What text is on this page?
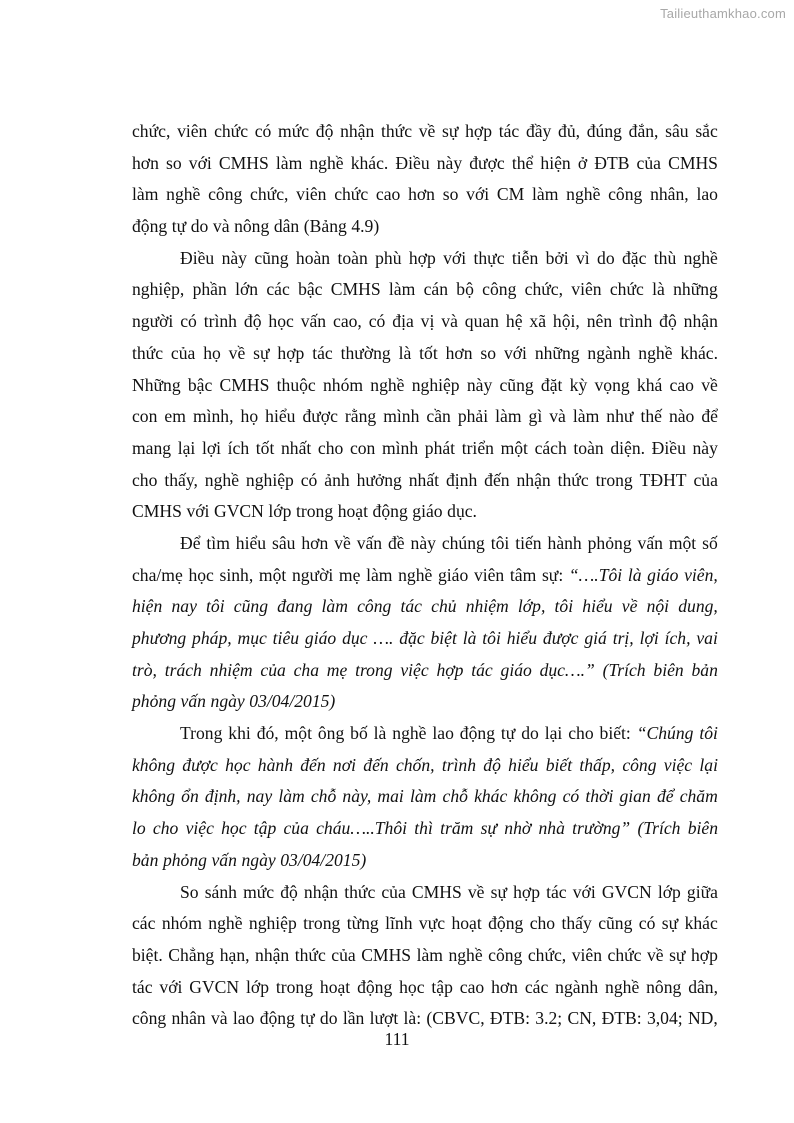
Tailieuthamkhao.com
chức, viên chức có mức độ nhận thức về sự hợp tác đầy đủ, đúng đắn, sâu sắc
hơn so với CMHS làm nghề khác. Điều này được thể hiện ở ĐTB của CMHS
làm nghề công chức, viên chức cao hơn so với CM làm nghề công nhân, lao
động tự do và nông dân (Bảng 4.9)
Điều này cũng hoàn toàn phù hợp với thực tiễn bởi vì do đặc thù nghề
nghiệp, phần lớn các bậc CMHS làm cán bộ công chức, viên chức là những
người có trình độ học vấn cao, có địa vị và quan hệ xã hội, nên trình độ nhận
thức của họ về sự hợp tác thường là tốt hơn so với những ngành nghề khác.
Những bậc CMHS thuộc nhóm nghề nghiệp này cũng đặt kỳ vọng khá cao về
con em mình, họ hiểu được rằng mình cần phải làm gì và làm như thế nào để
mang lại lợi ích tốt nhất cho con mình phát triển một cách toàn diện. Điều này
cho thấy, nghề nghiệp có ảnh hưởng nhất định đến nhận thức trong TĐHT của
CMHS với GVCN lớp trong hoạt động giáo dục.
Để tìm hiểu sâu hơn về vấn đề này chúng tôi tiến hành phỏng vấn một số
cha/mẹ học sinh, một người mẹ làm nghề giáo viên tâm sự: “….Tôi là giáo viên,
hiện nay tôi cũng đang làm công tác chủ nhiệm lớp, tôi hiểu về nội dung,
phương pháp, mục tiêu giáo dục …. đặc biệt là tôi hiểu được giá trị, lợi ích, vai
trò, trách nhiệm của cha mẹ trong việc hợp tác giáo dục….” (Trích biên bản
phỏng vấn ngày 03/04/2015)
Trong khi đó, một ông bố là nghề lao động tự do lại cho biết: “Chúng tôi
không được học hành đến nơi đến chốn, trình độ hiểu biết thấp, công việc lại
không ổn định, nay làm chỗ này, mai làm chỗ khác không có thời gian để chăm
lo cho việc học tập của cháu…..Thôi thì trăm sự nhờ nhà trường” (Trích biên
bản phỏng vấn ngày 03/04/2015)
So sánh mức độ nhận thức của CMHS về sự hợp tác với GVCN lớp giữa
các nhóm nghề nghiệp trong từng lĩnh vực hoạt động cho thấy cũng có sự khác
biệt. Chẳng hạn, nhận thức của CMHS làm nghề công chức, viên chức về sự hợp
tác với GVCN lớp trong hoạt động học tập cao hơn các ngành nghề nông dân,
công nhân và lao động tự do lần lượt là: (CBVC, ĐTB: 3.2; CN, ĐTB: 3,04; ND,
111
